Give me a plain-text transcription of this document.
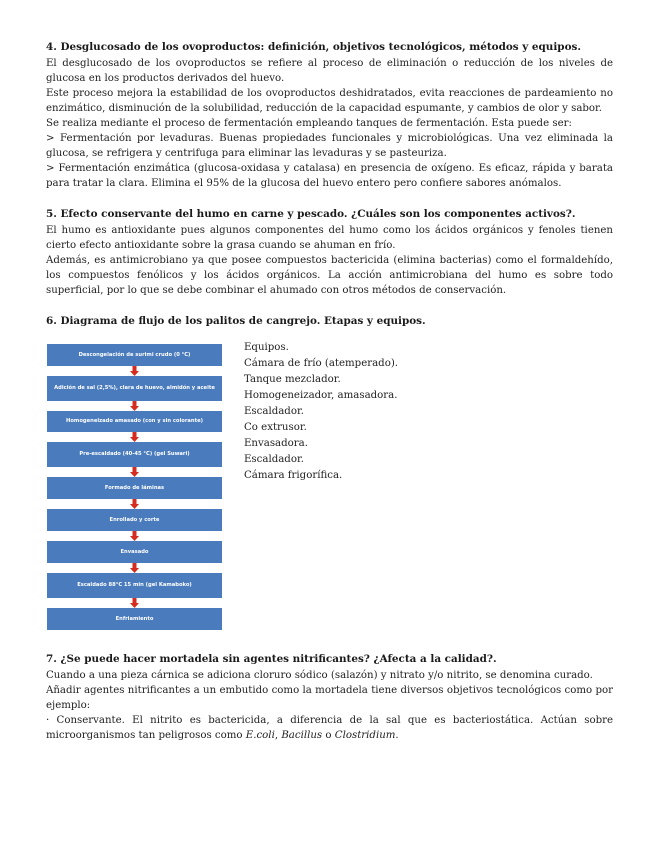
4. Desglucosado de los ovoproductos: definición, objetivos tecnológicos, métodos y equipos.

El desglucosado de los ovoproductos se refiere al proceso de eliminación o reducción de los niveles de glucosa en los productos derivados del huevo.

Este proceso mejora la estabilidad de los ovoproductos deshidratados, evita reacciones de pardeamiento no enzimático, disminución de la solubilidad, reducción de la capacidad espumante, y cambios de olor y sabor.

Se realiza mediante el proceso de fermentación empleando tanques de fermentación. Esta puede ser:

> Fermentación por levaduras. Buenas propiedades funcionales y microbiológicas. Una vez eliminada la glucosa, se refrigera y centrifuga para eliminar las levaduras y se pasteuriza.

> Fermentación enzimática (glucosa-oxidasa y catalasa) en presencia de oxígeno. Es eficaz, rápida y barata para tratar la clara. Elimina el 95% de la glucosa del huevo entero pero confiere sabores anómalos.

5. Efecto conservante del humo en carne y pescado. ¿Cuáles son los componentes activos?.

El humo es antioxidante pues algunos componentes del humo como los ácidos orgánicos y fenoles tienen cierto efecto antioxidante sobre la grasa cuando se ahuman en frío.

Además, es antimicrobiano ya que posee compuestos bactericida (elimina bacterias) como el formaldehído, los compuestos fenólicos y los ácidos orgánicos. La acción antimicrobiana del humo es sobre todo superficial, por lo que se debe combinar el ahumado con otros métodos de conservación.

6. Diagrama de flujo de los palitos de cangrejo. Etapas y equipos.
Descongelación de surimi crudo (0 °C)
Adición de sal (2,5%), clara de huevo, almidón y aceite
Homogeneizado amasado (con y sin colorante)
Pre-escaldado (40-45 °C) (gel Suwari)
Formado de láminas
Enrollado y corte
Envasado
Escaldado 88°C 15 min (gel Kamaboko)
Enfriamiento
Equipos.
Cámara de frío (atemperado).
Tanque mezclador.
Homogeneizador, amasadora.
Escaldador.
Co extrusor.
Envasadora.
Escaldador.
Cámara frigorífica.
7. ¿Se puede hacer mortadela sin agentes nitrificantes? ¿Afecta a la calidad?.

Cuando a una pieza cárnica se adiciona cloruro sódico (salazón) y nitrato y/o nitrito, se denomina curado.

Añadir agentes nitrificantes a un embutido como la mortadela tiene diversos objetivos tecnológicos como por ejemplo:

· Conservante. El nitrito es bactericida, a diferencia de la sal que es bacteriostática. Actúan sobre microorganismos tan peligrosos como E.coli, Bacillus o Clostridium.
